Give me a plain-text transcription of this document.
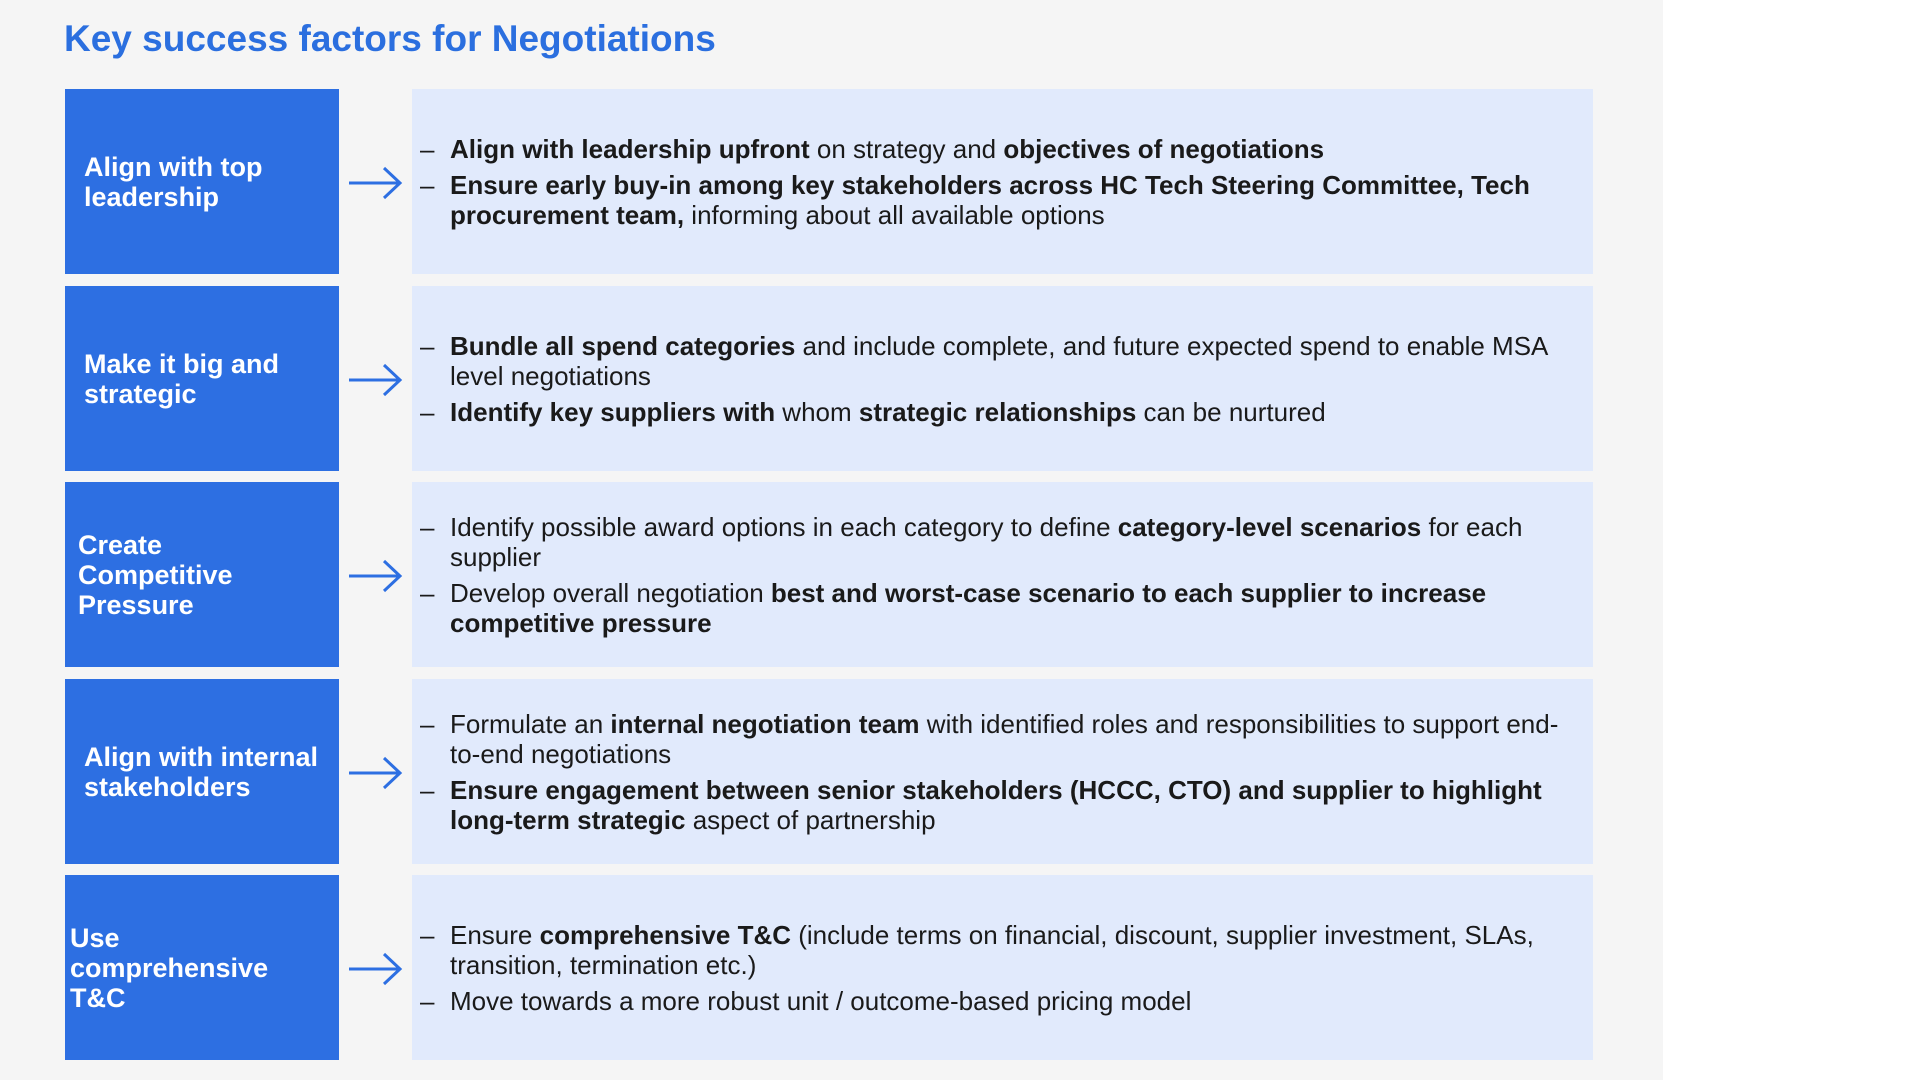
Key success factors for Negotiations
Align with top
leadership
– Align with leadership upfront on strategy and objectives of negotiations
– Ensure early buy-in among key stakeholders across HC Tech Steering Committee, Tech procurement team, informing about all available options
Make it big and
strategic
– Bundle all spend categories and include complete, and future expected spend to enable MSA level negotiations
– Identify key suppliers with whom strategic relationships can be nurtured
Create
Competitive
Pressure
– Identify possible award options in each category to define category-level scenarios for each supplier
– Develop overall negotiation best and worst-case scenario to each supplier to increase competitive pressure
Align with internal
stakeholders
– Formulate an internal negotiation team with identified roles and responsibilities to support end-to-end negotiations
– Ensure engagement between senior stakeholders (HCCC, CTO) and supplier to highlight long-term strategic aspect of partnership
Use comprehensive
T&C
– Ensure comprehensive T&C (include terms on financial, discount, supplier investment, SLAs, transition, termination etc.)
– Move towards a more robust unit / outcome-based pricing model
